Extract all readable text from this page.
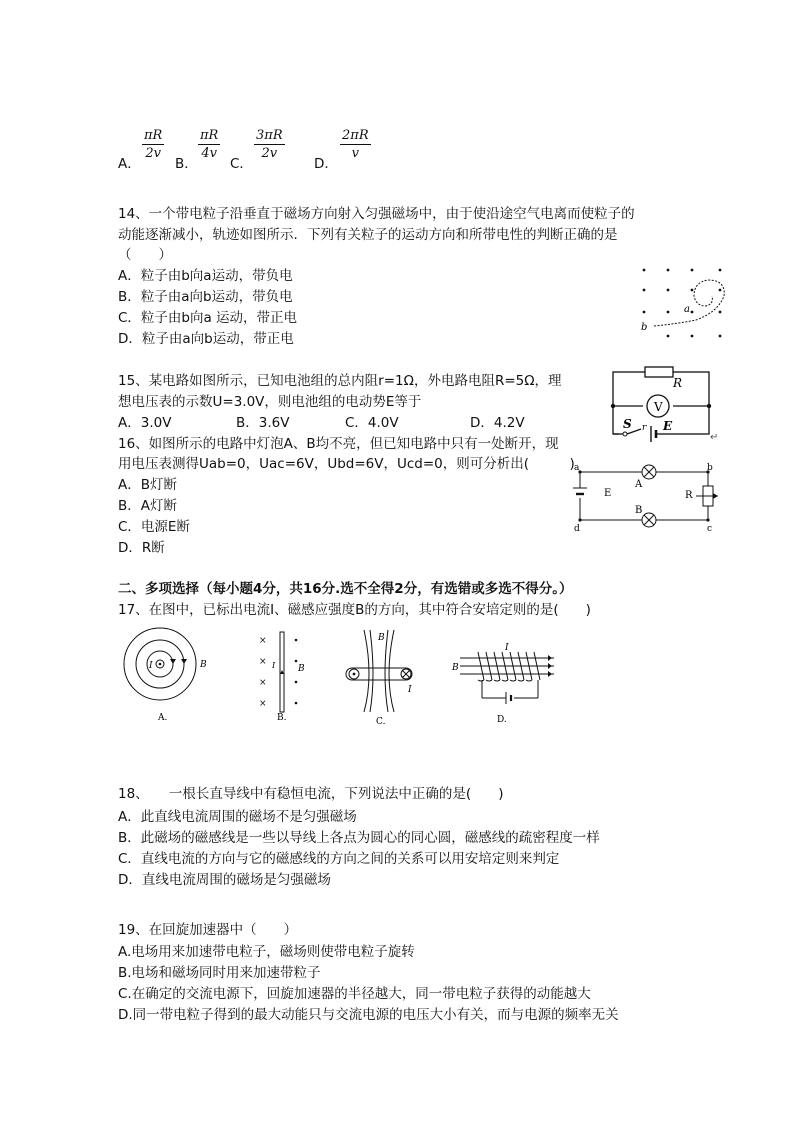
A．
$\frac{\pi R}{2v}$
B．
$\frac{\pi R}{4v}$
C．
$\frac{3\pi R}{2v}$
D．
$\frac{2\pi R}{v}$
14、一个带电粒子沿垂直于磁场方向射入匀强磁场中，由于使沿途空气电离而使粒子的
动能逐渐减小，轨迹如图所示．下列有关粒子的运动方向和所带电性的判断正确的是
（　　）
A．粒子由b向a运动，带负电
B．粒子由a向b运动，带负电
C．粒子由b向a 运动，带正电
D．粒子由a向b运动，带正电
a
b
15、某电路如图所示，已知电池组的总内阻r=1Ω，外电路电阻R=5Ω，理
想电压表的示数U=3.0V，则电池组的电动势E等于
A．3.0V	B．3.6V	C．4.0V	D．4.2V
R
V
S r E
↵
16、如图所示的电路中灯泡A、B均不亮，但已知电路中只有一处断开，现
用电压表测得Uab=0，Uac=6V，Ubd=6V，Ucd=0，则可分析出(　　　)
A．B灯断
B．A灯断
C．电源E断
D．R断
a	b
c
d
E	R
A
B
二、多项选择（每小题4分，共16分.选不全得2分，有选错或多选不得分。）
17、在图中，已标出电流I、磁感应强度B的方向，其中符合安培定则的是(　　)
I	B
A.
×
×
×
×
I	B
B.
B
I
C.
B
I
D.
18、　　一根长直导线中有稳恒电流，下列说法中正确的是(　　)
A．此直线电流周围的磁场不是匀强磁场
B．此磁场的磁感线是一些以导线上各点为圆心的同心圆，磁感线的疏密程度一样
C．直线电流的方向与它的磁感线的方向之间的关系可以用安培定则来判定
D．直线电流周围的磁场是匀强磁场
19、在回旋加速器中（　　）
A.电场用来加速带电粒子，磁场则使带电粒子旋转
B.电场和磁场同时用来加速带粒子
C.在确定的交流电源下，回旋加速器的半径越大，同一带电粒子获得的动能越大
D.同一带电粒子得到的最大动能只与交流电源的电压大小有关，而与电源的频率无关
